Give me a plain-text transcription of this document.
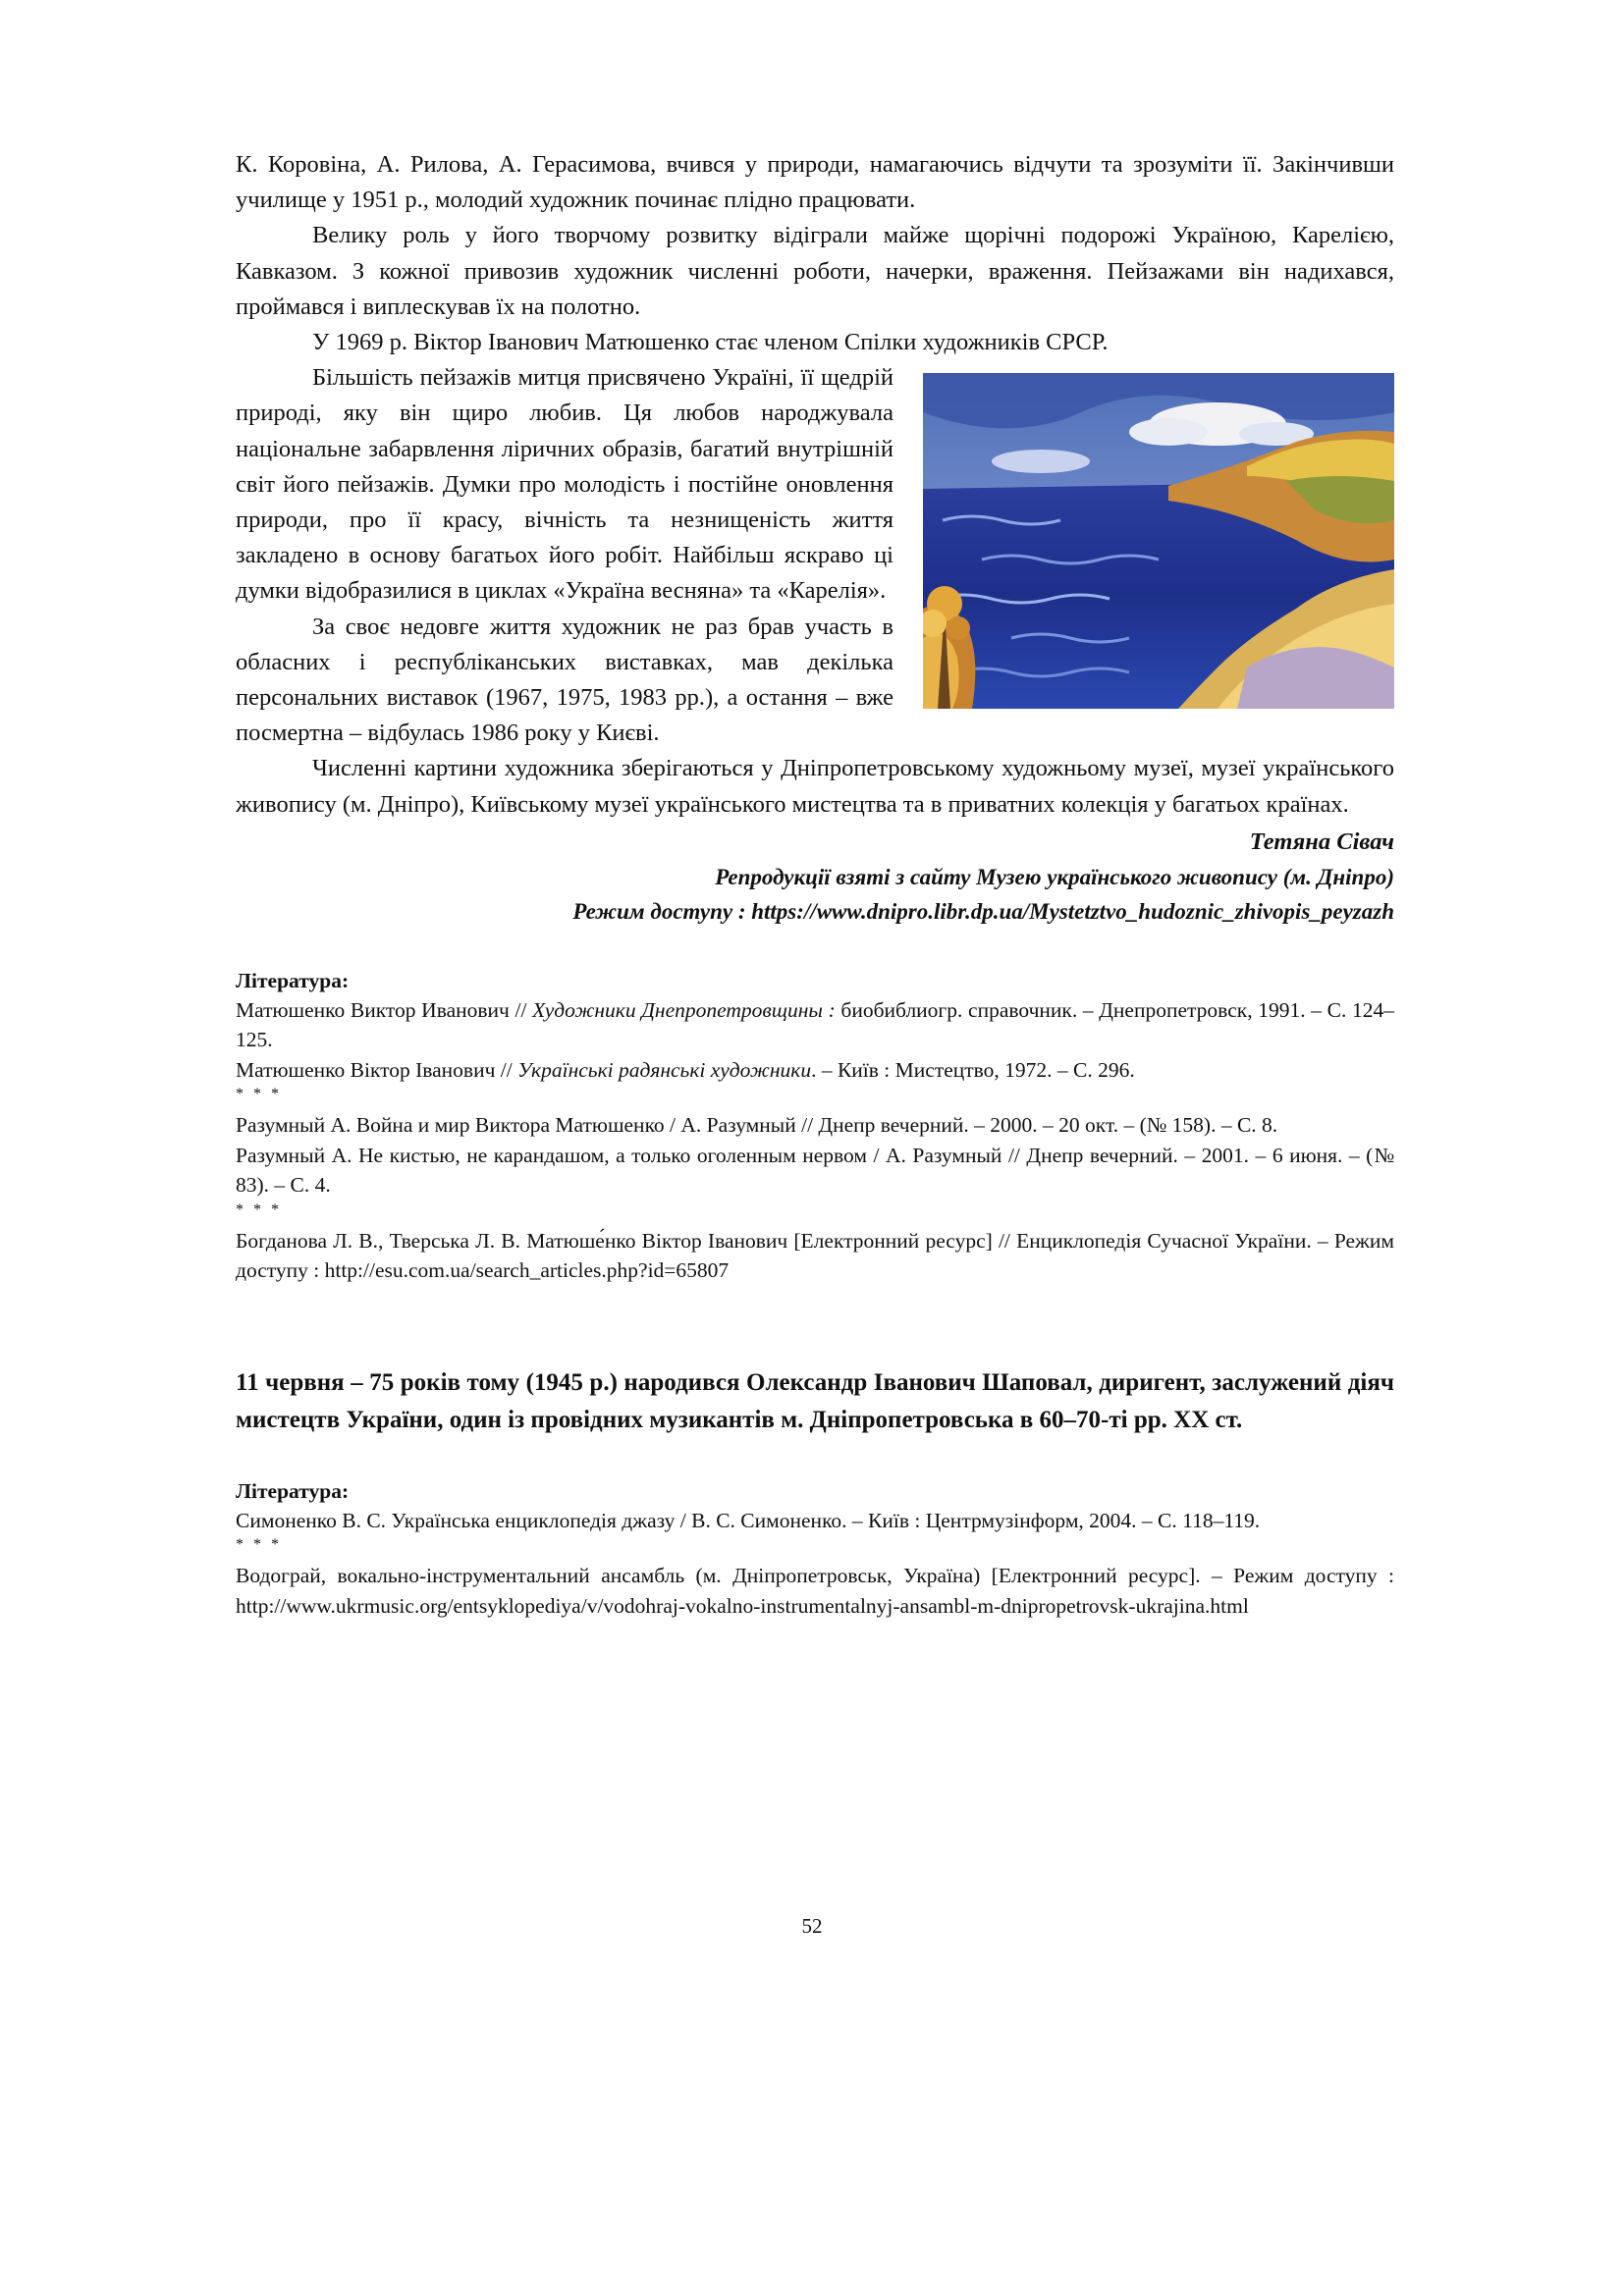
К. Коровіна, А. Рилова, А. Герасимова, вчився у природи, намагаючись відчути та зрозуміти її. Закінчивши училище у 1951 р., молодий художник починає плідно працювати.

Велику роль у його творчому розвитку відіграли майже щорічні подорожі Україною, Карелією, Кавказом. З кожної привозив художник численні роботи, начерки, враження. Пейзажами він надихався, проймався і виплескував їх на полотно.

У 1969 р. Віктор Іванович Матюшенко стає членом Спілки художників СРСР.

Більшість пейзажів митця присвячено Україні, її щедрій природі, яку він щиро любив. Ця любов народжувала національне забарвлення ліричних образів, багатий внутрішній світ його пейзажів. Думки про молодість і постійне оновлення природи, про її красу, вічність та незнищеність життя закладено в основу багатьох його робіт. Найбільш яскраво ці думки відобразилися в циклах «Україна весняна» та «Карелія».

За своє недовге життя художник не раз брав участь в обласних і республіканських виставках, мав декілька персональних виставок (1967, 1975, 1983 рр.), а остання – вже посмертна – відбулась 1986 року у Києві.

Численні картини художника зберігаються у Дніпропетровському художньому музеї, музеї українського живопису (м. Дніпро), Київському музеї українського мистецтва та в приватних колекція у багатьох країнах.

Тетяна Сівач
Репродукції взяті з сайту Музею українського живопису (м. Дніпро)
Режим доступу : https://www.dnipro.libr.dp.ua/Mystetztvo_hudoznic_zhivopis_peyzazh

Література:

Матюшенко Виктор Иванович // Художники Днепропетровщины : биобиблиогр. справочник. – Днепропетровск, 1991. – С. 124–125.

Матюшенко Віктор Іванович // Українські радянські художники. – Київ : Мистецтво, 1972. – С. 296.

* * *

Разумный А. Война и мир Виктора Матюшенко / А. Разумный // Днепр вечерний. – 2000. – 20 окт. – (№ 158). – С. 8.

Разумный А. Не кистью, не карандашом, а только оголенным нервом / А. Разумный // Днепр вечерний. – 2001. – 6 июня. – (№ 83). – С. 4.

* * *

Богданова Л. В., Тверська Л. В. Матюше́нко Віктор Іванович [Електронний ресурс] // Енциклопедія Сучасної України. – Режим доступу : http://esu.com.ua/search_articles.php?id=65807

11 червня – 75 років тому (1945 р.) народився Олександр Іванович Шаповал, диригент, заслужений діяч мистецтв України, один із провідних музикантів м. Дніпропетровська в 60–70-ті рр. ХХ ст.

Література:

Симоненко В. С. Українська енциклопедія джазу / В. С. Симоненко. – Київ : Центрмузінформ, 2004. – С. 118–119.

* * *

Водограй, вокально-інструментальний ансамбль (м. Дніпропетровськ, Україна) [Електронний ресурс]. – Режим доступу : http://www.ukrmusic.org/entsyklopediya/v/vodohraj-vokalno-instrumentalnyj-ansambl-m-dnipropetrovsk-ukrajina.html

52
